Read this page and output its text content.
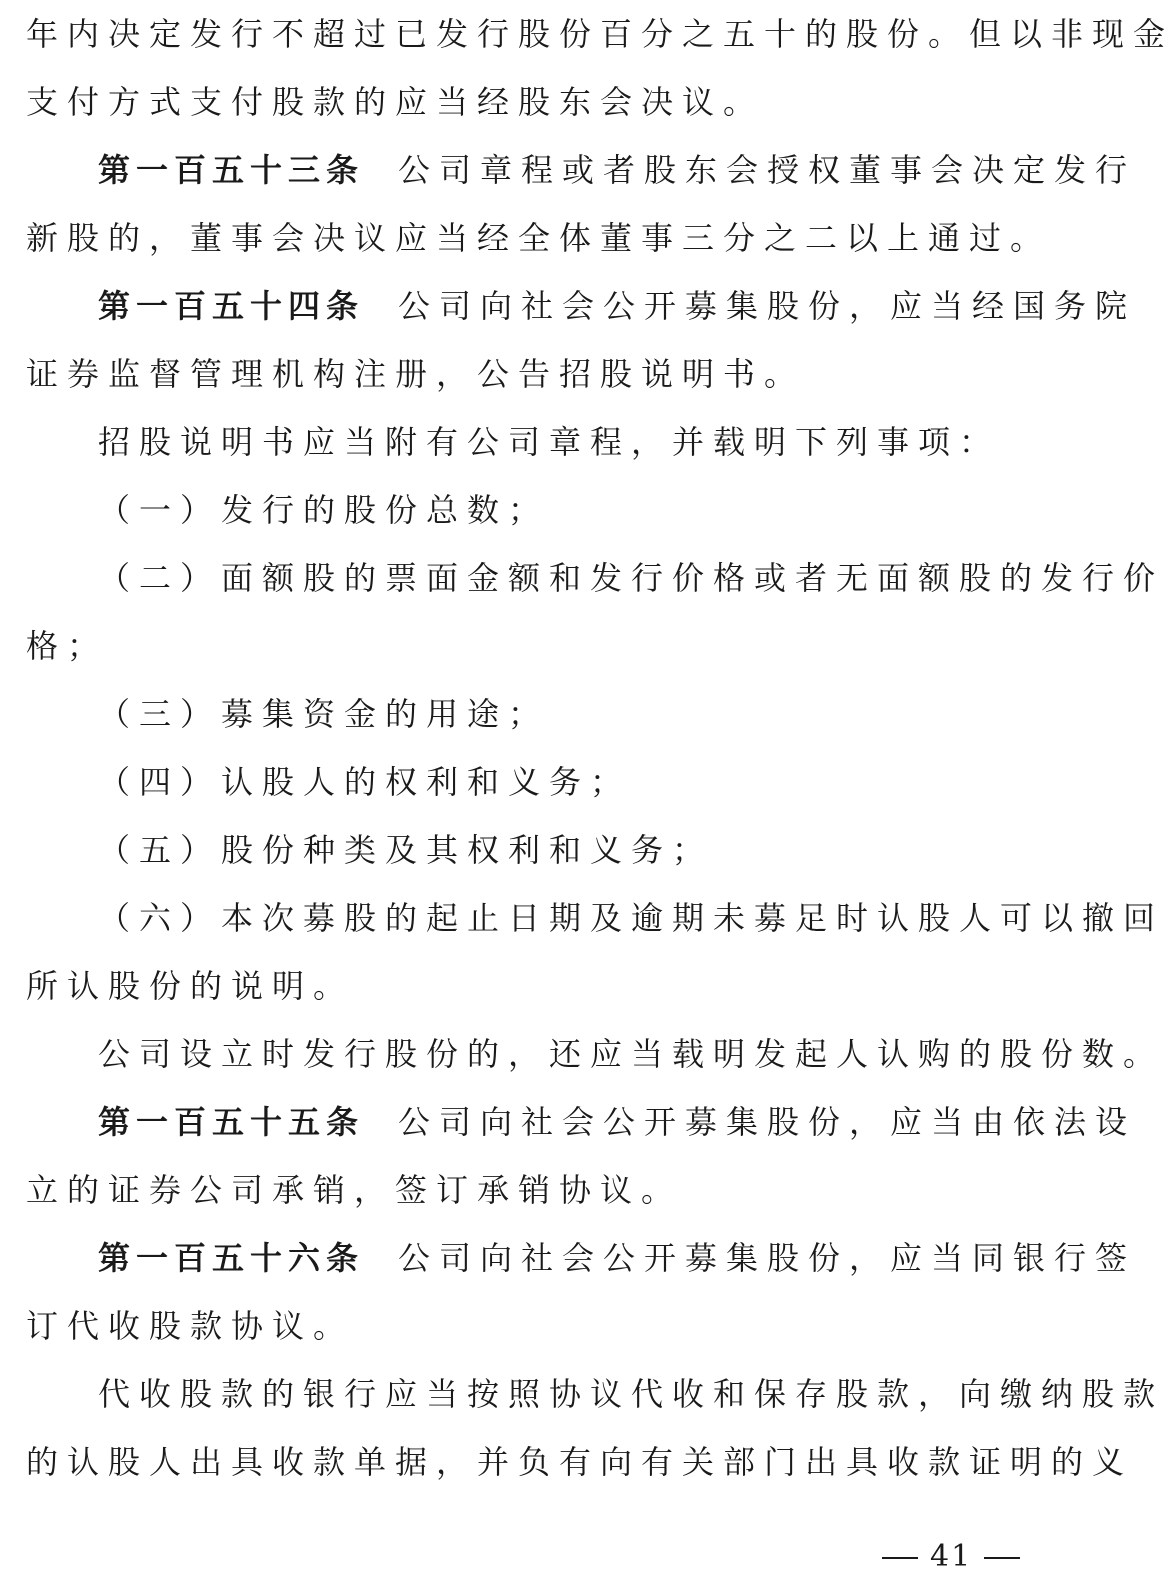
年内决定发行不超过已发行股份百分之五十的股份。但以非现金
支付方式支付股款的应当经股东会决议。
第一百五十三条 公司章程或者股东会授权董事会决定发行
新股的，董事会决议应当经全体董事三分之二以上通过。
第一百五十四条 公司向社会公开募集股份，应当经国务院
证券监督管理机构注册，公告招股说明书。
招股说明书应当附有公司章程，并载明下列事项：
（一）发行的股份总数；
（二）面额股的票面金额和发行价格或者无面额股的发行价
格；
（三）募集资金的用途；
（四）认股人的权利和义务；
（五）股份种类及其权利和义务；
（六）本次募股的起止日期及逾期未募足时认股人可以撤回
所认股份的说明。
公司设立时发行股份的，还应当载明发起人认购的股份数。
第一百五十五条 公司向社会公开募集股份，应当由依法设
立的证券公司承销，签订承销协议。
第一百五十六条 公司向社会公开募集股份，应当同银行签
订代收股款协议。
代收股款的银行应当按照协议代收和保存股款，向缴纳股款
的认股人出具收款单据，并负有向有关部门出具收款证明的义
41
